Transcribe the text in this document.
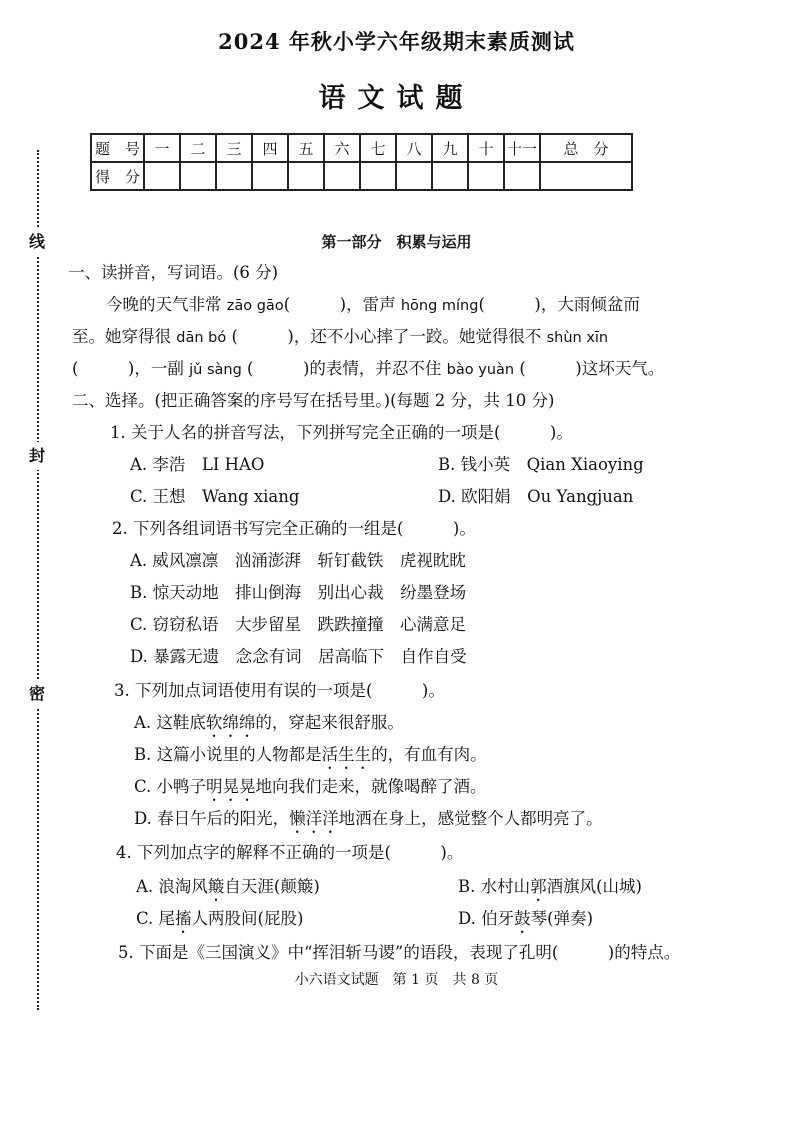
线
封
密
2024 年秋小学六年级期末素质测试
语文试题
题　号	一	二	三	四	五	六	七	八	九	十	十一	总　分
得　分												
第一部分　积累与运用
一、读拼音，写词语。(6 分)
今晚的天气非常 zāo gāo(　　　)，雷声 hōng míng(　　　)，大雨倾盆而
至。她穿得很 dān bó (　　　)，还不小心摔了一跤。她觉得很不 shùn xīn
(　　　)，一副 jǔ sàng (　　　)的表情，并忍不住 bào yuàn (　　　)这坏天气。
二、选择。(把正确答案的序号写在括号里。)(每题 2 分，共 10 分)
1. 关于人名的拼音写法，下列拼写完全正确的一项是(　　　)。
A. 李浩　LI HAO	B. 钱小英　Qian Xiaoying
C. 王想　Wang xiang	D. 欧阳娟　Ou Yangjuan
2. 下列各组词语书写完全正确的一组是(　　　)。
A. 威风凛凛　汹涌澎湃　斩钉截铁　虎视眈眈
B. 惊天动地　排山倒海　别出心裁　纷墨登场
C. 窃窃私语　大步留星　跌跌撞撞　心满意足
D. 暴露无遗　念念有词　居高临下　自作自受
3. 下列加点词语使用有误的一项是(　　　)。
A. 这鞋底软绵绵的，穿起来很舒服。
B. 这篇小说里的人物都是活生生的，有血有肉。
C. 小鸭子明晃晃地向我们走来，就像喝醉了酒。
D. 春日午后的阳光，懒洋洋地洒在身上，感觉整个人都明亮了。
4. 下列加点字的解释不正确的一项是(　　　)。
A. 浪淘风簸自天涯(颠簸)	B. 水村山郭酒旗风(山城)
C. 尾搐人两股间(屁股)	D. 伯牙鼓琴(弹奏)
5. 下面是《三国演义》中“挥泪斩马谡”的语段，表现了孔明(　　　)的特点。
小六语文试题　第 1 页　共 8 页
